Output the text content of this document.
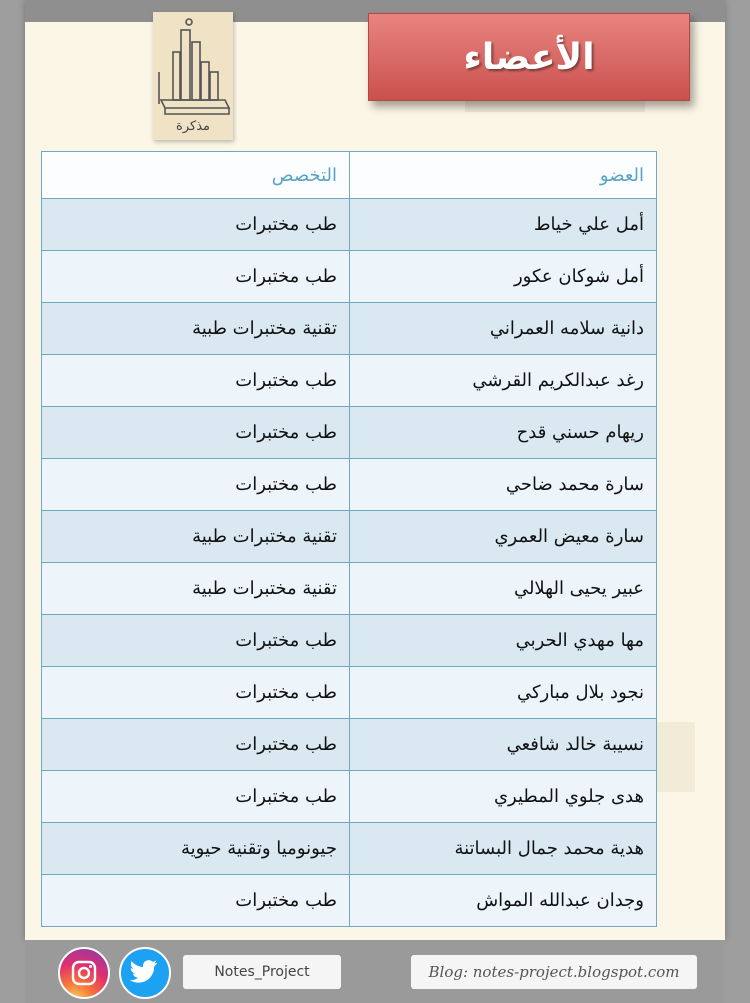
مذكرة
الأعضاء
العضو	التخصص
أمل علي خياط	طب مختبرات
أمل شوكان عكور	طب مختبرات
دانية سلامه العمراني	تقنية مختبرات طبية
رغد عبدالكريم القرشي	طب مختبرات
ريهام حسني قدح	طب مختبرات
سارة محمد ضاحي	طب مختبرات
سارة معيض العمري	تقنية مختبرات طبية
عبير يحيى الهلالي	تقنية مختبرات طبية
مها مهدي الحربي	طب مختبرات
نجود بلال مباركي	طب مختبرات
نسيبة خالد شافعي	طب مختبرات
هدى جلوي المطيري	طب مختبرات
هدية محمد جمال البساتنة	جيونوميا وتقنية حيوية
وجدان عبدالله المواش	طب مختبرات
Notes_Project	Blog: notes-project.blogspot.com
